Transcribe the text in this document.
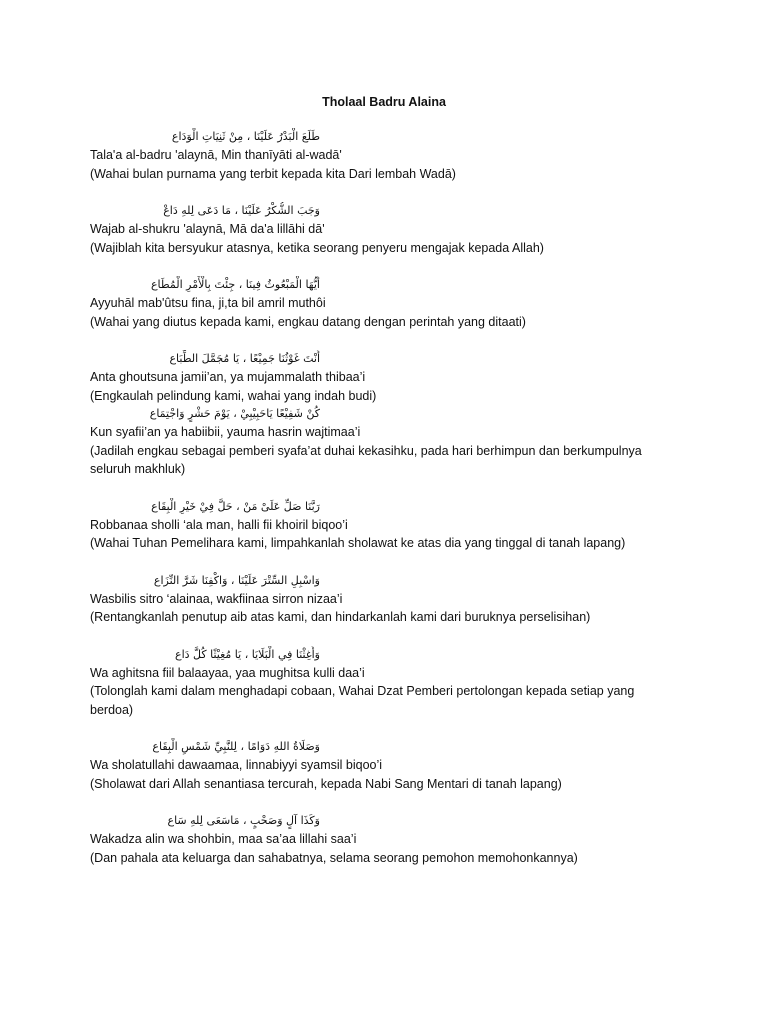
Tholaal Badru Alaina
طَلَعَ الْبَدْرُ عَلَيْنَا ، مِنْ ثَنِيَاتِ الْوَدَاع
Tala'a al-badru 'alaynā, Min thanīyāti al-wadā'
(Wahai bulan purnama yang terbit kepada kita Dari lembah Wadā)
وَجَبَ الشُّكْرُ عَلَيْنَا ، مَا دَعَى لِلهِ دَاعْ
Wajab al-shukru 'alaynā, Mā da'a lillāhi dā'
(Wajiblah kita bersyukur atasnya, ketika seorang penyeru mengajak kepada Allah)
أَيُّهَا الْمَبْعُوثُ فِينَا ، جِئْتَ بِالْأَمْرِ الْمُطَاع
Ayyuhāl mab'ûtsu fina, ji,ta bil amril muthôi
(Wahai yang diutus kepada kami, engkau datang dengan perintah yang ditaati)
أَنْتَ غَوْثُنَا جَمِيْعًا ، يَا مُجَمَّلَ الطِّبَاع
Anta ghoutsuna jamii’an, ya mujammalath thibaa’i
(Engkaulah pelindung kami, wahai yang indah budi)
كُنْ شَفِيْعًا يَاحَبِيْبِيْ ، يَوْمَ حَشْرٍ وَاجْتِمَاع
Kun syafii’an ya habiibii, yauma hasrin wajtimaa’i
(Jadilah engkau sebagai pemberi syafa’at duhai kekasihku, pada hari berhimpun dan berkumpulnya seluruh makhluk)
رَبَّنَا صَلِّ عَلَىْ مَنْ ، حَلَّ فِيْ خَيْرِ الْبِقَاع
Robbanaa sholli ‘ala man, halli fii khoiril biqoo’i
(Wahai Tuhan Pemelihara kami, limpahkanlah sholawat ke atas dia yang tinggal di tanah lapang)
وَاسْبِلِ السِّتْرَ عَلَيْنَا ، وَاكْفِنَا شَرَّ النِّزَاع
Wasbilis sitro ‘alainaa, wakfiinaa sirron nizaa’i
(Rentangkanlah penutup aib atas kami, dan hindarkanlah kami dari buruknya perselisihan)
وَأَغِثْنَا فِي الْبَلَايَا ، يَا مُغِيْثًا كُلَّ دَاع
Wa aghitsna fiil balaayaa, yaa mughitsa kulli daa’i
(Tolonglah kami dalam menghadapi cobaan, Wahai Dzat Pemberi pertolongan kepada setiap yang berdoa)
وَصَلَاةُ اللهِ دَوَامًا ، لِلنَّبِيِّ شَمْسِ الْبِقَاع
Wa sholatullahi dawaamaa, linnabiyyi syamsil biqoo’i
(Sholawat dari Allah senantiasa tercurah, kepada Nabi Sang Mentari di tanah lapang)
وَكَذَا آلٍ وَصَحْبٍ ، مَاسَعَى لِلهِ سَاع
Wakadza alin wa shohbin, maa sa’aa lillahi saa’i
(Dan pahala ata keluarga dan sahabatnya, selama seorang pemohon memohonkannya)
